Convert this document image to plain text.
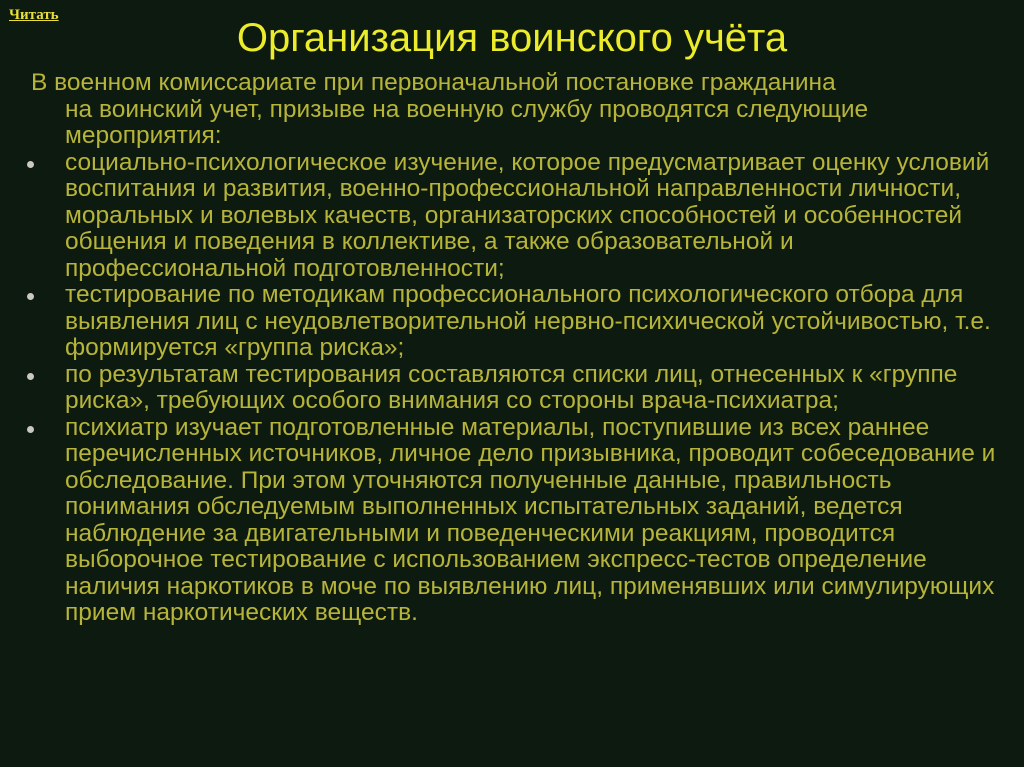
Читать
Организация воинского учёта

В военном комиссариате при первоначальной постановке гражданина
на воинский учет, призыве на военную службу проводятся следующие мероприятия:

социально-психологическое изучение, которое предусматривает оценку условий воспитания и развития, военно-профессиональной направленности личности, моральных и волевых качеств, организаторских способностей и особенностей общения и поведения в коллективе, а также образовательной и профессиональной подготовленности;
тестирование по методикам профессионального психологического отбора для выявления лиц с неудовлетворительной нервно-психической устойчивостью, т.е. формируется «группа риска»;
по результатам тестирования составляются списки лиц, отнесенных к «группе риска», требующих особого внимания со стороны врача-психиатра;
психиатр изучает подготовленные материалы, поступившие из всех раннее перечисленных источников, личное дело призывника, проводит собеседование и обследование. При этом уточняются полученные данные, правильность понимания обследуемым выполненных испытательных заданий, ведется наблюдение за двигательными и поведенческими реакциям, проводится выборочное тестирование с использованием экспресс-тестов определение наличия наркотиков в моче по выявлению лиц, применявших или симулирующих прием наркотических веществ.
